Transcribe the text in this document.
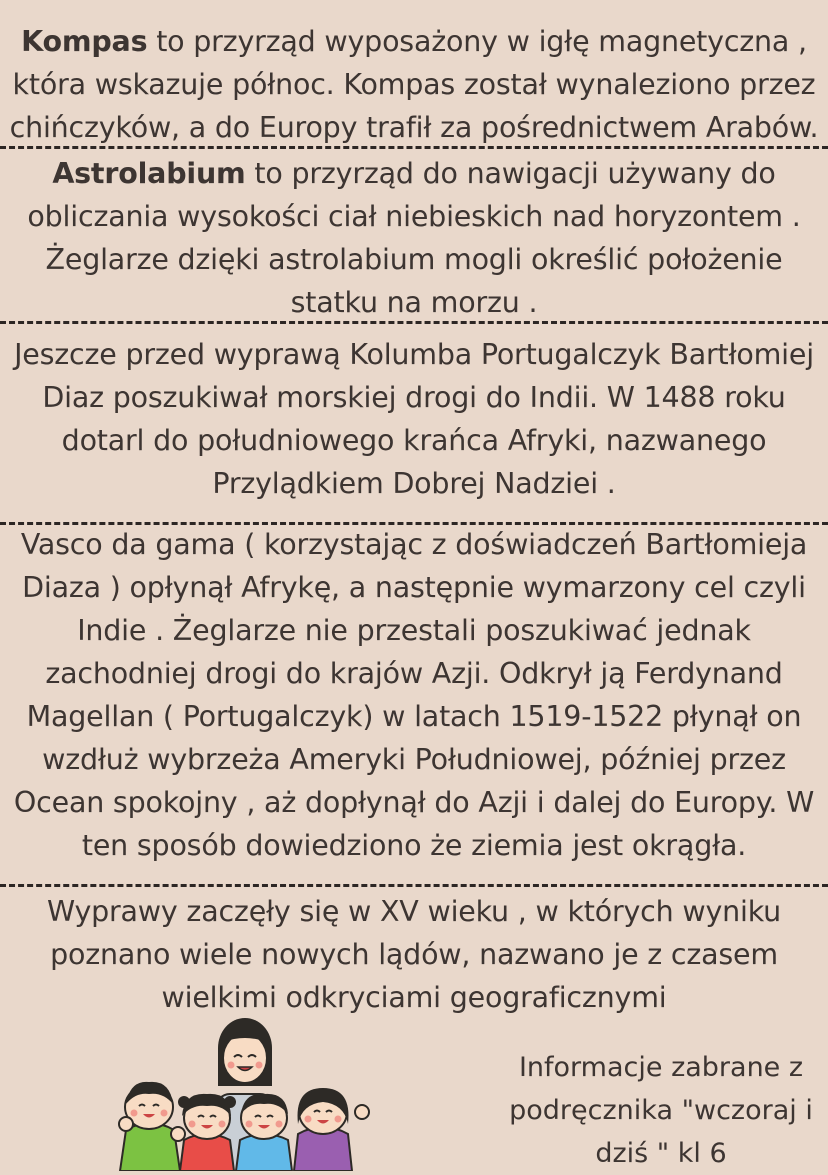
Kompas to przyrząd wyposażony w igłę magnetyczna , która wskazuje północ. Kompas został wynaleziono przez chińczyków, a do Europy trafił za pośrednictwem Arabów.

Astrolabium to przyrząd do nawigacji używany do obliczania wysokości ciał niebieskich nad horyzontem . Żeglarze dzięki astrolabium mogli określić położenie statku na morzu .

Jeszcze przed wyprawą Kolumba Portugalczyk Bartłomiej Diaz poszukiwał morskiej drogi do Indii. W 1488 roku dotarl do południowego krańca Afryki, nazwanego Przylądkiem Dobrej Nadziei .

Vasco da gama ( korzystając z doświadczeń Bartłomieja Diaza ) opłynął Afrykę, a następnie wymarzony cel czyli Indie . Żeglarze nie przestali poszukiwać jednak zachodniej drogi do krajów Azji. Odkrył ją Ferdynand Magellan ( Portugalczyk) w latach 1519-1522 płynął on wzdłuż wybrzeża Ameryki Południowej, później przez Ocean spokojny , aż dopłynął do Azji i dalej do Europy. W ten sposób dowiedziono że ziemia jest okrągła.

Wyprawy zaczęły się w XV wieku , w których wyniku poznano wiele nowych lądów, nazwano je z czasem wielkimi odkryciami geograficznymi

Informacje zabrane z podręcznika "wczoraj i dziś " kl 6
